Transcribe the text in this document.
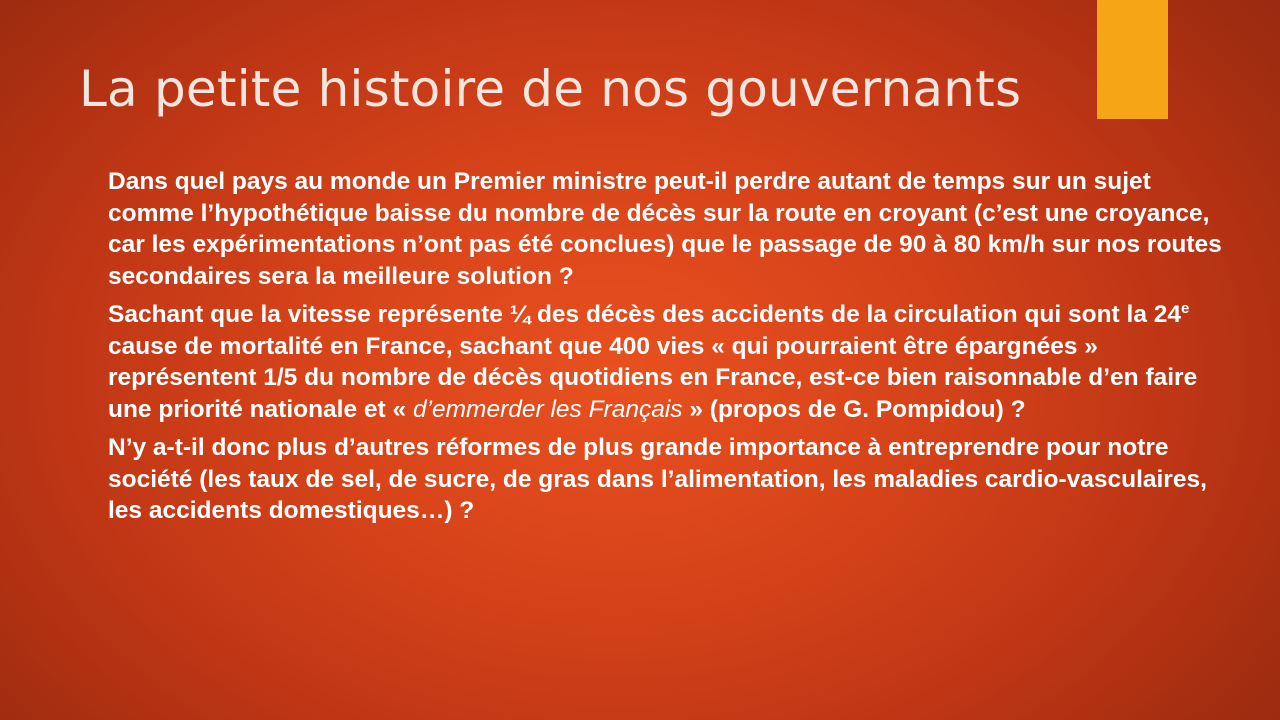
La petite histoire de nos gouvernants

Dans quel pays au monde un Premier ministre peut-il perdre autant de temps sur un sujet comme l’hypothétique baisse du nombre de décès sur la route en croyant (c’est une croyance, car les expérimentations n’ont pas été conclues) que le passage de 90 à 80 km/h sur nos routes secondaires sera la meilleure solution ?

Sachant que la vitesse représente ¼ des décès des accidents de la circulation qui sont la 24e cause de mortalité en France, sachant que 400 vies « qui pourraient être épargnées » représentent 1/5 du nombre de décès quotidiens en France, est-ce bien raisonnable d’en faire une priorité nationale et « d’emmerder les Français » (propos de G. Pompidou) ?

N’y a-t-il donc plus d’autres réformes de plus grande importance à entreprendre pour notre société (les taux de sel, de sucre, de gras dans l’alimentation, les maladies cardio-vasculaires, les accidents domestiques…) ?
